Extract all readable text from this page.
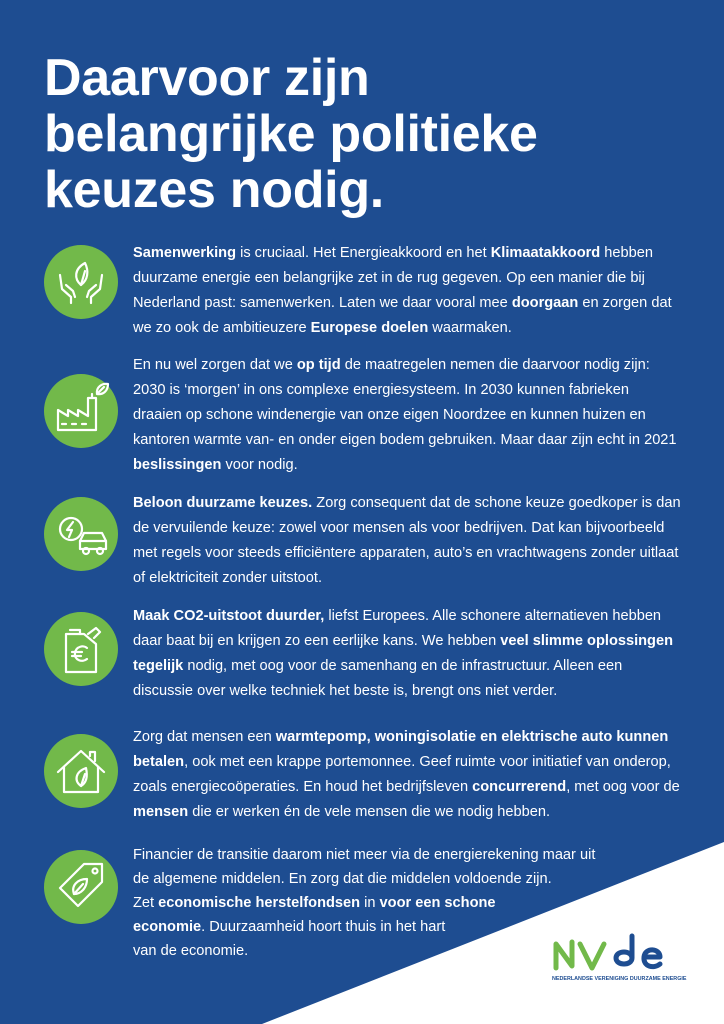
Daarvoor zijn
belangrijke politieke
keuzes nodig.
Samenwerking is cruciaal. Het Energieakkoord en het Klimaatakkoord hebben
duurzame energie een belangrijke zet in de rug gegeven. Op een manier die bij
Nederland past: samenwerken. Laten we daar vooral mee doorgaan en zorgen dat
we zo ook de ambitieuzere Europese doelen waarmaken.
En nu wel zorgen dat we op tijd de maatregelen nemen die daarvoor nodig zijn:
2030 is ‘morgen’ in ons complexe energiesysteem. In 2030 kunnen fabrieken
draaien op schone windenergie van onze eigen Noordzee en kunnen huizen en
kantoren warmte van- en onder eigen bodem gebruiken. Maar daar zijn echt in 2021
beslissingen voor nodig.
Beloon duurzame keuzes. Zorg consequent dat de schone keuze goedkoper is dan
de vervuilende keuze: zowel voor mensen als voor bedrijven. Dat kan bijvoorbeeld
met regels voor steeds efficiëntere apparaten, auto’s en vrachtwagens zonder uitlaat
of elektriciteit zonder uitstoot.
Maak CO2-uitstoot duurder, liefst Europees. Alle schonere alternatieven hebben
daar baat bij en krijgen zo een eerlijke kans. We hebben veel slimme oplossingen
tegelijk nodig, met oog voor de samenhang en de infrastructuur. Alleen een
discussie over welke techniek het beste is, brengt ons niet verder.
Zorg dat mensen een warmtepomp, woningisolatie en elektrische auto kunnen
betalen, ook met een krappe portemonnee. Geef ruimte voor initiatief van onderop,
zoals energiecoöperaties. En houd het bedrijfsleven concurrerend, met oog voor de
mensen die er werken én de vele mensen die we nodig hebben.
Financier de transitie daarom niet meer via de energierekening maar uit
de algemene middelen. En zorg dat die middelen voldoende zijn.
Zet economische herstelfondsen in voor een schone
economie. Duurzaamheid hoort thuis in het hart
van de economie.
NEDERLANDSE VERENIGING DUURZAME ENERGIE
